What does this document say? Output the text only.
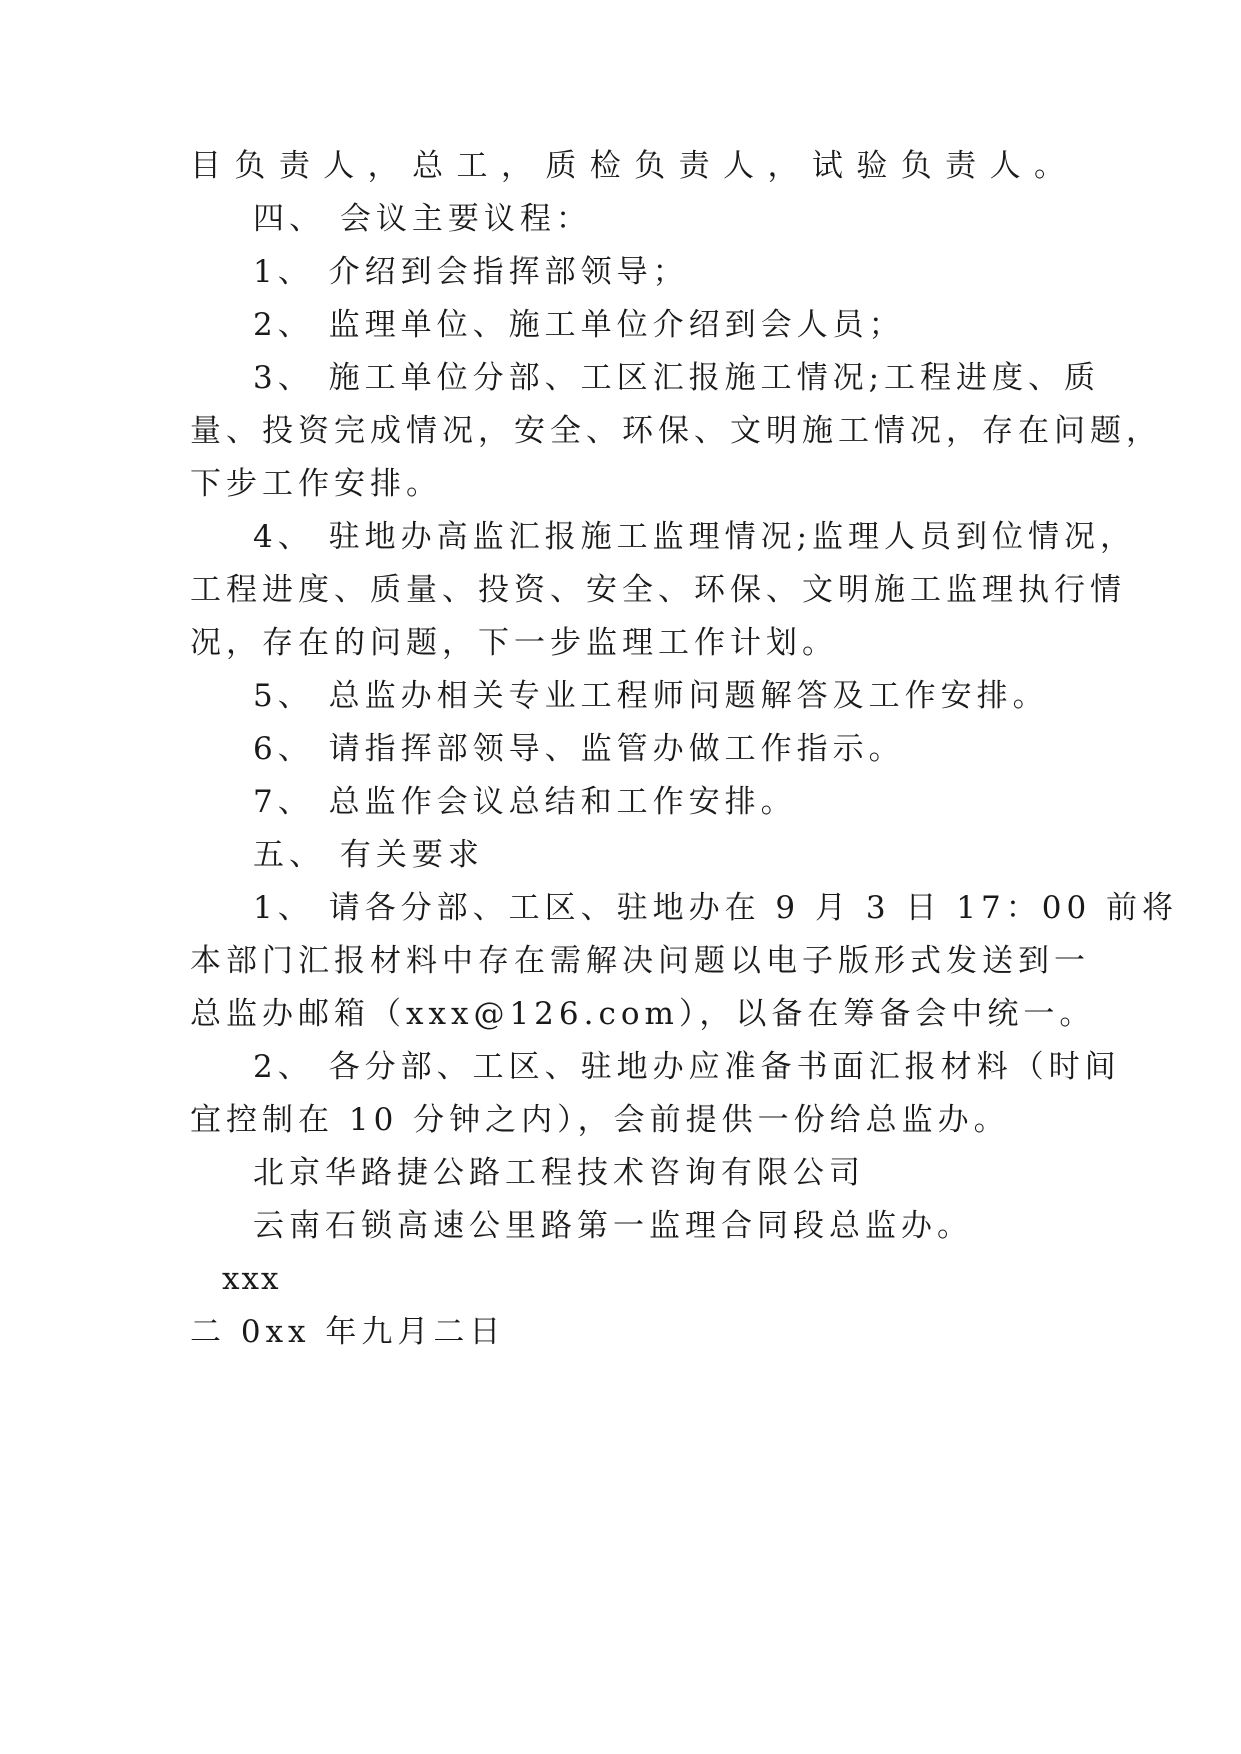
目负责人，总工，质检负责人，试验负责人。
四、 会议主要议程：
1、 介绍到会指挥部领导；
2、 监理单位、施工单位介绍到会人员；
3、 施工单位分部、工区汇报施工情况;工程进度、质
量、投资完成情况，安全、环保、文明施工情况，存在问题，
下步工作安排。
4、 驻地办高监汇报施工监理情况;监理人员到位情况，
工程进度、质量、投资、安全、环保、文明施工监理执行情
况，存在的问题，下一步监理工作计划。
5、 总监办相关专业工程师问题解答及工作安排。
6、 请指挥部领导、监管办做工作指示。
7、 总监作会议总结和工作安排。
五、 有关要求
1、 请各分部、工区、驻地办在 9 月 3 日 17：00 前将
本部门汇报材料中存在需解决问题以电子版形式发送到一
总监办邮箱（xxx@126.com），以备在筹备会中统一。
2、 各分部、工区、驻地办应准备书面汇报材料（时间
宜控制在 10 分钟之内），会前提供一份给总监办。
北京华路捷公路工程技术咨询有限公司
云南石锁高速公里路第一监理合同段总监办。
xxx
二 0xx 年九月二日
